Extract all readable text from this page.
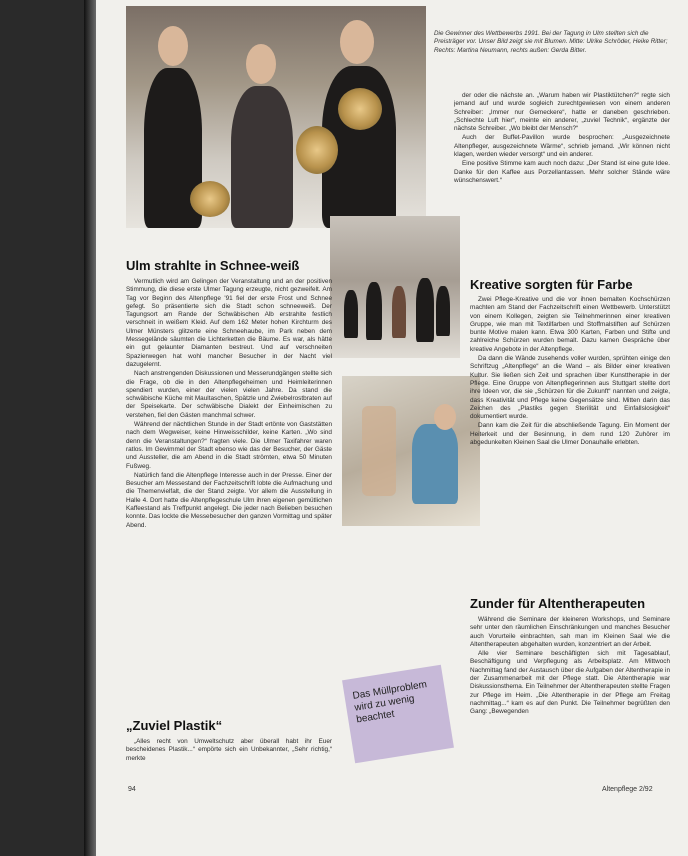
Die Gewinner des Wettbewerbs 1991. Bei der Tagung in Ulm stellten sich die Preisträger vor. Unser Bild zeigt sie mit Blumen. Mitte: Ulrike Schröder, Heike Ritter; Rechts: Martina Neumann, rechts außen: Gerda Bitter.
Ulm strahlte in Schnee-weiß

Vermutlich wird am Gelingen der Veranstaltung und an der positiven Stimmung, die diese erste Ulmer Tagung erzeugte, nicht gezweifelt. Am Tag vor Beginn des Altenpflege '91 fiel der erste Frost und Schnee gefegt. So präsentierte sich die Stadt schon schneeweiß. Der Tagungsort am Rande der Schwäbischen Alb erstrahlte festlich verschneit in weißem Kleid. Auf dem 162 Meter hohen Kirchturm des Ulmer Münsters glitzerte eine Schneehaube, im Park neben dem Messegelände säumten die Lichterketten die Bäume. Es war, als hätte ein gut gelaunter Diamanten bestreut. Und auf verschneiten Spazierwegen hat wohl mancher Besucher in der Nacht viel dazugelernt.

Nach anstrengenden Diskussionen und Messerundgängen stellte sich die Frage, ob die in den Altenpflegeheimen und Heimleiterinnen spendiert wurden, einer der vielen vielen Jahre. Da stand die schwäbische Küche mit Maultaschen, Spätzle und Zwiebelrostbraten auf der Speisekarte. Der schwäbische Dialekt der Einheimischen zu verstehen, fiel den Gästen manchmal schwer.

Während der nächtlichen Stunde in der Stadt ertönte von Gaststätten nach dem Wegweiser, keine Hinweisschilder, keine Karten. „Wo sind denn die Veranstaltungen?“ fragten viele. Die Ulmer Taxifahrer waren ratlos. Im Gewimmel der Stadt ebenso wie das der Besucher, der Gäste und Aussteller, die am Abend in die Stadt strömten, etwa 50 Minuten Fußweg.

Natürlich fand die Altenpflege Interesse auch in der Presse. Einer der Besucher am Messestand der Fachzeitschrift lobte die Aufmachung und die Themenvielfalt, die der Stand zeigte. Vor allem die Ausstellung in Halle 4. Dort hatte die Altenpflegeschule Ulm ihren eigenen gemütlichen Kaffeestand als Treffpunkt angelegt. Die jeder nach Belieben besuchen konnte. Das lockte die Messebesucher den ganzen Vormittag und später Abend.

„Zuviel Plastik“

„Alles recht von Umweltschutz aber überall habt ihr Euer bescheidenes Plastik...“ empörte sich ein Unbekannter, „Sehr richtig,“ merkte

der oder die nächste an. „Warum haben wir Plastiktütchen?“ regte sich jemand auf und wurde sogleich zurechtgewiesen von einem anderen Schreiber: „Immer nur Gemeckere“, hatte er daneben geschrieben. „Schlechte Luft hier“, meinte ein anderer, „zuviel Technik“, ergänzte der nächste Schreiber. „Wo bleibt der Mensch?“

Auch der Buffet-Pavillon wurde besprochen: „Ausgezeichnete Altenpfleger, ausgezeichnete Wärme“, schrieb jemand. „Wir können nicht klagen, werden wieder versorgt“ und ein anderer.

Eine positive Stimme kam auch noch dazu: „Der Stand ist eine gute Idee. Danke für den Kaffee aus Porzellantassen. Mehr solcher Stände wäre wünschenswert.“

Kreative sorgten für Farbe

Zwei Pflege-Kreative und die vor ihnen bemalten Kochschürzen machten am Stand der Fachzeitschrift einen Wettbewerb. Unterstützt von einem Kollegen, zeigten sie Teilnehmerinnen einer kreativen Gruppe, wie man mit Textilfarben und Stoffmalstiften auf Schürzen bunte Motive malen kann. Etwa 300 Karten, Farben und Stifte und zahlreiche Schürzen wurden bemalt. Dazu kamen Gespräche über kreative Angebote in der Altenpflege.

Da dann die Wände zusehends voller wurden, sprühten einige den Schriftzug „Altenpflege“ an die Wand – als Bilder einer kreativen Kultur. Sie ließen sich Zeit und sprachen über Kunsttherapie in der Pflege. Eine Gruppe von Altenpflegerinnen aus Stuttgart stellte dort ihre Ideen vor, die sie „Schürzen für die Zukunft“ nannten und zeigte, dass Kreativität und Pflege keine Gegensätze sind. Mitten darin das Zeichen des „Plastiks gegen Sterilität und Einfallslosigkeit“ dokumentiert wurde.

Dann kam die Zeit für die abschließende Tagung. Ein Moment der Heiterkeit und der Besinnung, in dem rund 120 Zuhörer im abgedunkelten Kleinen Saal die Ulmer Donauhalle erlebten.

Zunder für Altentherapeuten

Während die Seminare der kleineren Workshops, und Seminare sehr unter den räumlichen Einschränkungen und manches Besucher auch Vorurteile einbrachten, sah man im Kleinen Saal wie die Altentherapeuten abgehalten wurden, konzentriert an der Arbeit.

Alle vier Seminare beschäftigten sich mit Tagesablauf, Beschäftigung und Verpflegung als Arbeitsplatz. Am Mittwoch Nachmittag fand der Austausch über die Aufgaben der Altentherapie in der Zusammenarbeit mit der Pflege statt. Die Altentherapie war Diskussionsthema. Ein Teilnehmer der Altentherapeuten stellte Fragen zur Pflege im Heim. „Die Altentherapie in der Pflege am Freitag nachmittag...“ kam es auf den Punkt. Die Teilnehmer begrüßten den Gang: „Bewegenden

Das Müllproblem wird zu wenig beachtet
94	Altenpflege 2/92
